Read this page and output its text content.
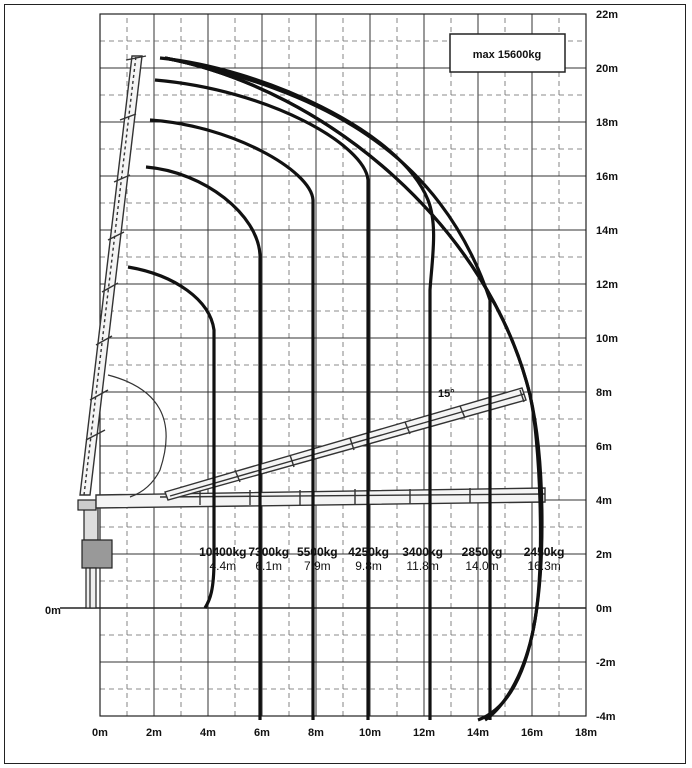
max 15600kg
15°
0m
0m	2m	4m	6m	8m	10m	12m	14m	16m	18m
-4m
-2m
0m
2m
4m
6m
8m
10m
12m
14m
16m
18m
20m
22m
10400kg
4.4m
7300kg
6.1m
5500kg
7.9m
4250kg
9.8m
3400kg
11.8m
2850kg
14.0m
2450kg
16.3m
